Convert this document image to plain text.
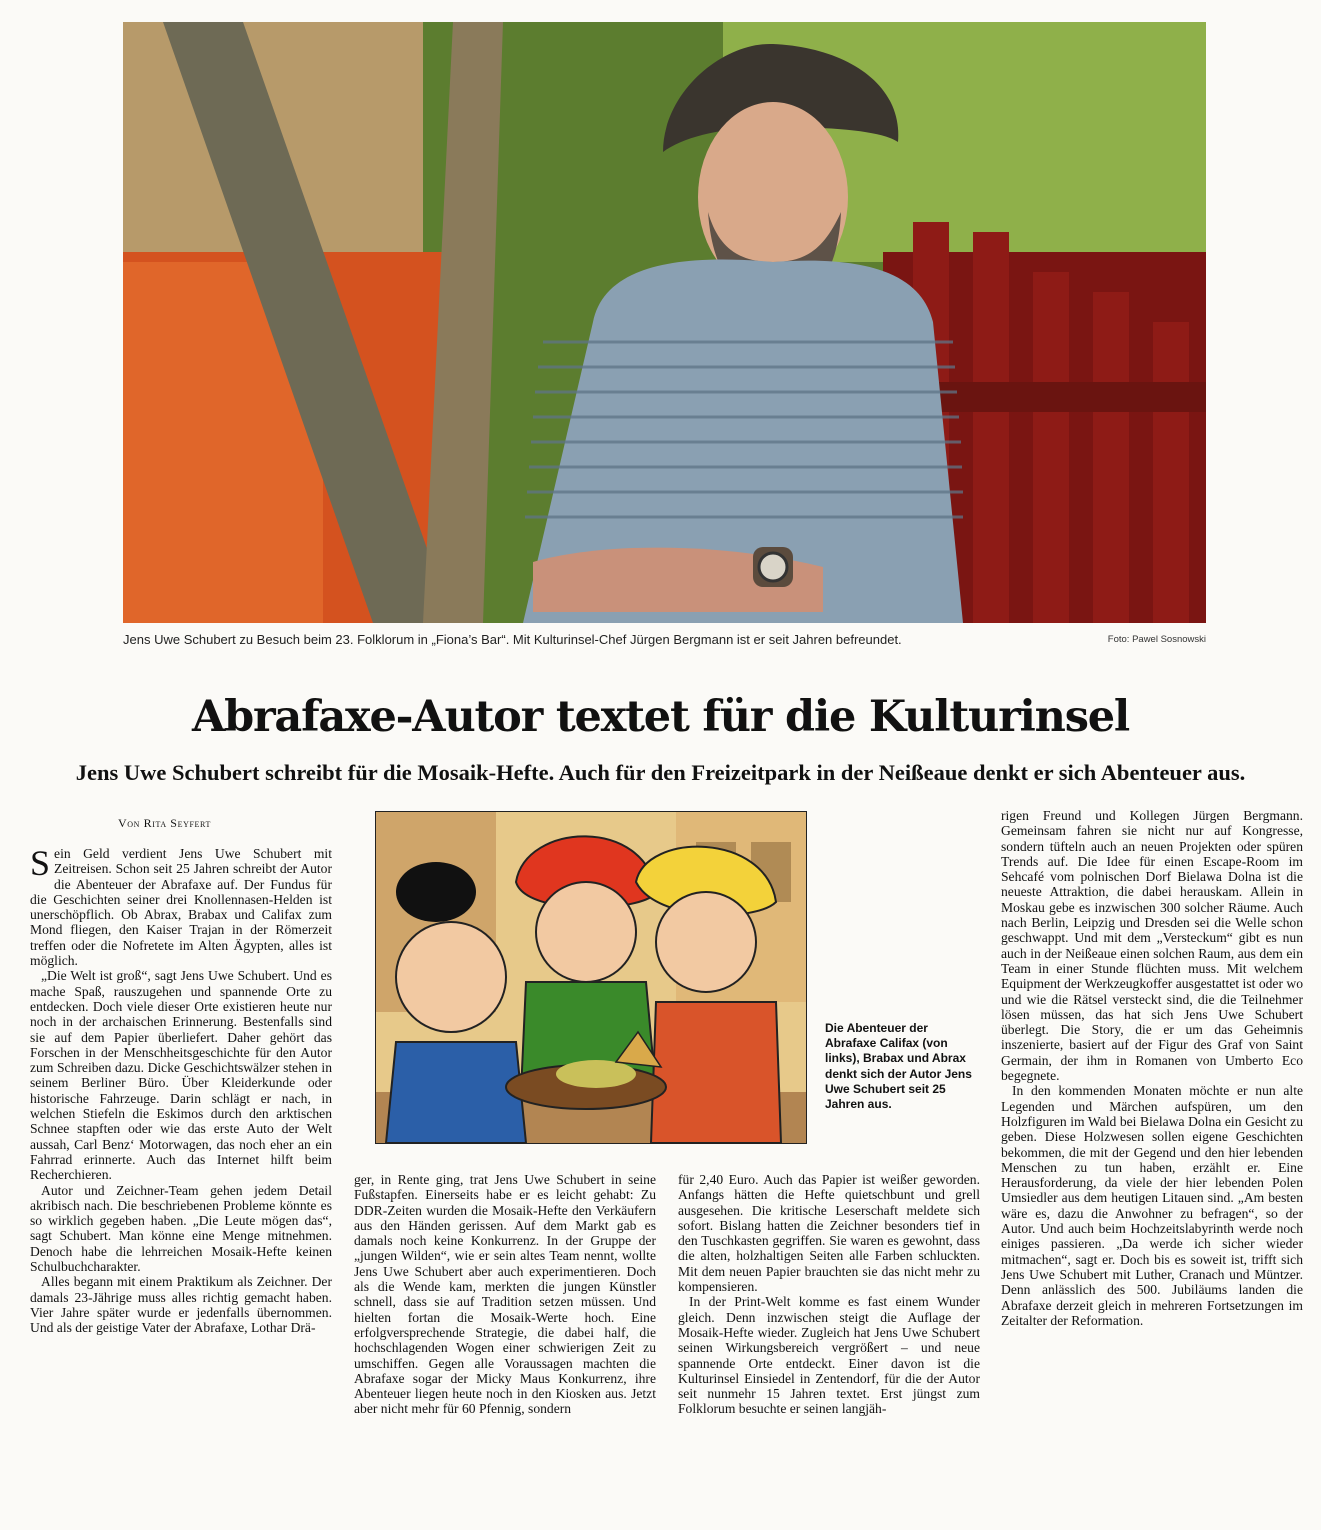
Jens Uwe Schubert zu Besuch beim 23. Folklorum in „Fiona’s Bar“. Mit Kulturinsel-Chef Jürgen Bergmann ist er seit Jahren befreundet.	Foto: Pawel Sosnowski
Abrafaxe-Autor textet für die Kulturinsel
Jens Uwe Schubert schreibt für die Mosaik-Hefte. Auch für den Freizeitpark in der Neißeaue denkt er sich Abenteuer aus.
Von Rita Seyfert

Sein Geld verdient Jens Uwe Schubert mit Zeitreisen. Schon seit 25 Jahren schreibt der Autor die Abenteuer der Abrafaxe auf. Der Fundus für die Geschichten seiner drei Knollennasen-Helden ist unerschöpflich. Ob Abrax, Brabax und Califax zum Mond fliegen, den Kaiser Trajan in der Römerzeit treffen oder die Nofretete im Alten Ägypten, alles ist möglich.

„Die Welt ist groß“, sagt Jens Uwe Schubert. Und es mache Spaß, rauszugehen und spannende Orte zu entdecken. Doch viele dieser Orte existieren heute nur noch in der archaischen Erinnerung. Bestenfalls sind sie auf dem Papier überliefert. Daher gehört das Forschen in der Menschheitsgeschichte für den Autor zum Schreiben dazu. Dicke Geschichtswälzer stehen in seinem Berliner Büro. Über Kleiderkunde oder historische Fahrzeuge. Darin schlägt er nach, in welchen Stiefeln die Eskimos durch den arktischen Schnee stapften oder wie das erste Auto der Welt aussah, Carl Benz‘ Motorwagen, das noch eher an ein Fahrrad erinnerte. Auch das Internet hilft beim Recherchieren.

Autor und Zeichner-Team gehen jedem Detail akribisch nach. Die beschriebenen Probleme könnte es so wirklich gegeben haben. „Die Leute mögen das“, sagt Schubert. Man könne eine Menge mitnehmen. Denoch habe die lehrreichen Mosaik-Hefte keinen Schulbuchcharakter.

Alles begann mit einem Praktikum als Zeichner. Der damals 23-Jährige muss alles richtig gemacht haben. Vier Jahre später wurde er jedenfalls übernommen. Und als der geistige Vater der Abrafaxe, Lothar Drä-

Die Abenteuer der Abrafaxe Califax (von links), Brabax und Abrax denkt sich der Autor Jens Uwe Schubert seit 25 Jahren aus.

ger, in Rente ging, trat Jens Uwe Schubert in seine Fußstapfen. Einerseits habe er es leicht gehabt: Zu DDR-Zeiten wurden die Mosaik-Hefte den Verkäufern aus den Händen gerissen. Auf dem Markt gab es damals noch keine Konkurrenz. In der Gruppe der „jungen Wilden“, wie er sein altes Team nennt, wollte Jens Uwe Schubert aber auch experimentieren. Doch als die Wende kam, merkten die jungen Künstler schnell, dass sie auf Tradition setzen müssen. Und hielten fortan die Mosaik-Werte hoch. Eine erfolgversprechende Strategie, die dabei half, die hochschlagenden Wogen einer schwierigen Zeit zu umschiffen. Gegen alle Voraussagen machten die Abrafaxe sogar der Micky Maus Konkurrenz, ihre Abenteuer liegen heute noch in den Kiosken aus. Jetzt aber nicht mehr für 60 Pfennig, sondern

für 2,40 Euro. Auch das Papier ist weißer geworden. Anfangs hätten die Hefte quietschbunt und grell ausgesehen. Die kritische Leserschaft meldete sich sofort. Bislang hatten die Zeichner besonders tief in den Tuschkasten gegriffen. Sie waren es gewohnt, dass die alten, holzhaltigen Seiten alle Farben schluckten. Mit dem neuen Papier brauchten sie das nicht mehr zu kompensieren.

In der Print-Welt komme es fast einem Wunder gleich. Denn inzwischen steigt die Auflage der Mosaik-Hefte wieder. Zugleich hat Jens Uwe Schubert seinen Wirkungsbereich vergrößert – und neue spannende Orte entdeckt. Einer davon ist die Kulturinsel Einsiedel in Zentendorf, für die der Autor seit nunmehr 15 Jahren textet. Erst jüngst zum Folklorum besuchte er seinen langjäh-

rigen Freund und Kollegen Jürgen Bergmann. Gemeinsam fahren sie nicht nur auf Kongresse, sondern tüfteln auch an neuen Projekten oder spüren Trends auf. Die Idee für einen Escape-Room im Sehcafé vom polnischen Dorf Bielawa Dolna ist die neueste Attraktion, die dabei herauskam. Allein in Moskau gebe es inzwischen 300 solcher Räume. Auch nach Berlin, Leipzig und Dresden sei die Welle schon geschwappt. Und mit dem „Versteckum“ gibt es nun auch in der Neißeaue einen solchen Raum, aus dem ein Team in einer Stunde flüchten muss. Mit welchem Equipment der Werkzeugkoffer ausgestattet ist oder wo und wie die Rätsel versteckt sind, die die Teilnehmer lösen müssen, das hat sich Jens Uwe Schubert überlegt. Die Story, die er um das Geheimnis inszenierte, basiert auf der Figur des Graf von Saint Germain, der ihm in Romanen von Umberto Eco begegnete.

In den kommenden Monaten möchte er nun alte Legenden und Märchen aufspüren, um den Holzfiguren im Wald bei Bielawa Dolna ein Gesicht zu geben. Diese Holzwesen sollen eigene Geschichten bekommen, die mit der Gegend und den hier lebenden Menschen zu tun haben, erzählt er. Eine Herausforderung, da viele der hier lebenden Polen Umsiedler aus dem heutigen Litauen sind. „Am besten wäre es, dazu die Anwohner zu befragen“, so der Autor. Und auch beim Hochzeitslabyrinth werde noch einiges passieren. „Da werde ich sicher wieder mitmachen“, sagt er. Doch bis es soweit ist, trifft sich Jens Uwe Schubert mit Luther, Cranach und Müntzer. Denn anlässlich des 500. Jubiläums landen die Abrafaxe derzeit gleich in mehreren Fortsetzungen im Zeitalter der Reformation.
